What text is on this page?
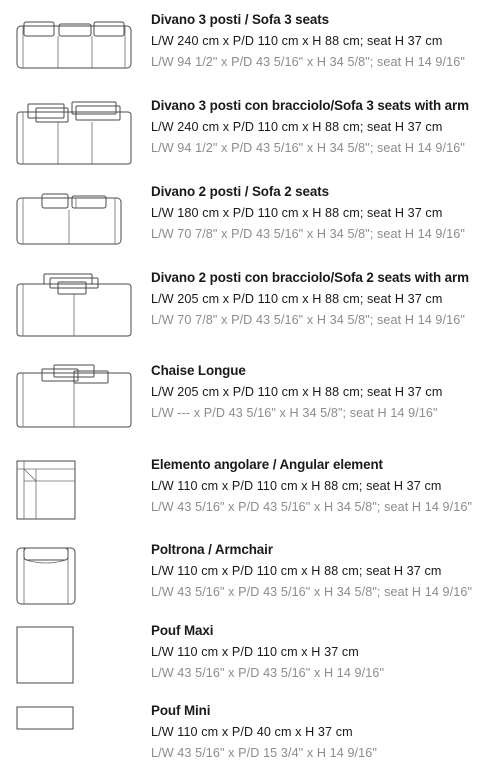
Divano 3 posti / Sofa 3 seats
L/W 240 cm x P/D 110 cm x H 88 cm; seat H 37 cm
L/W 94 1/2" x P/D 43 5/16" x H 34 5/8"; seat H 14 9/16"
Divano 3 posti con bracciolo/Sofa 3 seats with arm
L/W 240 cm x P/D 110 cm x H 88 cm; seat H 37 cm
L/W 94 1/2" x P/D 43 5/16" x H 34 5/8"; seat H 14 9/16"
Divano 2 posti / Sofa 2 seats
L/W 180 cm x P/D 110 cm x H 88 cm; seat H 37 cm
L/W 70 7/8" x P/D 43 5/16" x H 34 5/8"; seat H 14 9/16"
Divano 2 posti con bracciolo/Sofa 2 seats with arm
L/W 205 cm x P/D 110 cm x H 88 cm; seat H 37 cm
L/W 70 7/8" x P/D 43 5/16" x H 34 5/8"; seat H 14 9/16"
Chaise Longue
L/W 205 cm x P/D 110 cm x H 88 cm; seat H 37 cm
L/W --- x P/D 43 5/16" x H 34 5/8"; seat H 14 9/16"
Elemento angolare / Angular element
L/W 110 cm x P/D 110 cm x H 88 cm; seat H 37 cm
L/W 43 5/16" x P/D 43 5/16" x H 34 5/8"; seat H 14 9/16"
Poltrona / Armchair
L/W 110 cm x P/D 110 cm x H 88 cm; seat H 37 cm
L/W 43 5/16" x P/D 43 5/16" x H 34 5/8"; seat H 14 9/16"
Pouf Maxi
L/W 110 cm x P/D 110 cm x H 37 cm
L/W 43 5/16" x P/D 43 5/16" x H 14 9/16"
Pouf Mini
L/W 110 cm x P/D 40 cm x H 37 cm
L/W 43 5/16" x P/D 15 3/4" x H 14 9/16"
